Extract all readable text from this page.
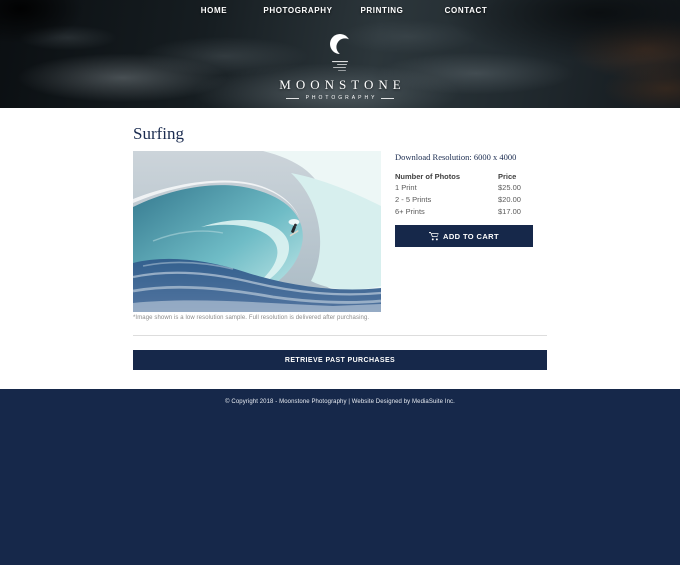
HOME	PHOTOGRAPHY	PRINTING	CONTACT
MOONSTONE
PHOTOGRAPHY
Surfing
*Image shown is a low resolution sample. Full resolution is delivered after purchasing.
Download Resolution: 6000 x 4000
Number of Photos	Price
1 Print	$25.00
2 - 5 Prints	$20.00
6+ Prints	$17.00
ADD TO CART
RETRIEVE PAST PURCHASES
© Copyright 2018 - Moonstone Photography | Website Designed by MediaSuite Inc.
